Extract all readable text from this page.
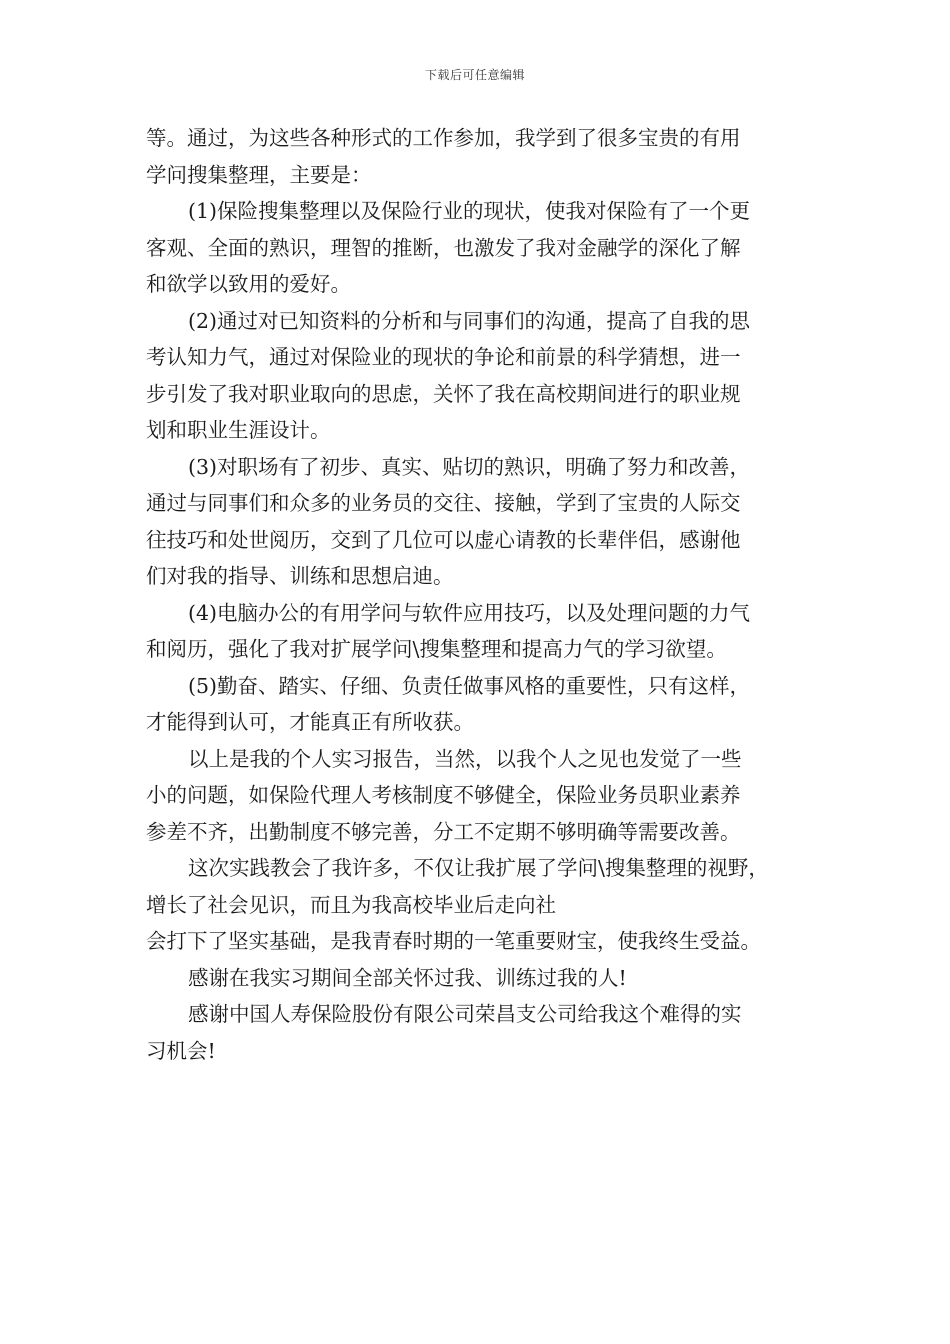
下载后可任意编辑
等。通过，为这些各种形式的工作参加，我学到了很多宝贵的有用
学问搜集整理，主要是：
(1)保险搜集整理以及保险行业的现状，使我对保险有了一个更
客观、全面的熟识，理智的推断，也激发了我对金融学的深化了解
和欲学以致用的爱好。
(2)通过对已知资料的分析和与同事们的沟通，提高了自我的思
考认知力气，通过对保险业的现状的争论和前景的科学猜想，进一
步引发了我对职业取向的思虑，关怀了我在高校期间进行的职业规
划和职业生涯设计。
(3)对职场有了初步、真实、贴切的熟识，明确了努力和改善，
通过与同事们和众多的业务员的交往、接触，学到了宝贵的人际交
往技巧和处世阅历，交到了几位可以虚心请教的长辈伴侣，感谢他
们对我的指导、训练和思想启迪。
(4)电脑办公的有用学问与软件应用技巧，以及处理问题的力气
和阅历，强化了我对扩展学问\搜集整理和提高力气的学习欲望。
(5)勤奋、踏实、仔细、负责任做事风格的重要性，只有这样，
才能得到认可，才能真正有所收获。
以上是我的个人实习报告，当然，以我个人之见也发觉了一些
小的问题，如保险代理人考核制度不够健全，保险业务员职业素养
参差不齐，出勤制度不够完善，分工不定期不够明确等需要改善。
这次实践教会了我许多，不仅让我扩展了学问\搜集整理的视野，
增长了社会见识，而且为我高校毕业后走向社
会打下了坚实基础，是我青春时期的一笔重要财宝，使我终生受益。
感谢在我实习期间全部关怀过我、训练过我的人!
感谢中国人寿保险股份有限公司荣昌支公司给我这个难得的实
习机会!
